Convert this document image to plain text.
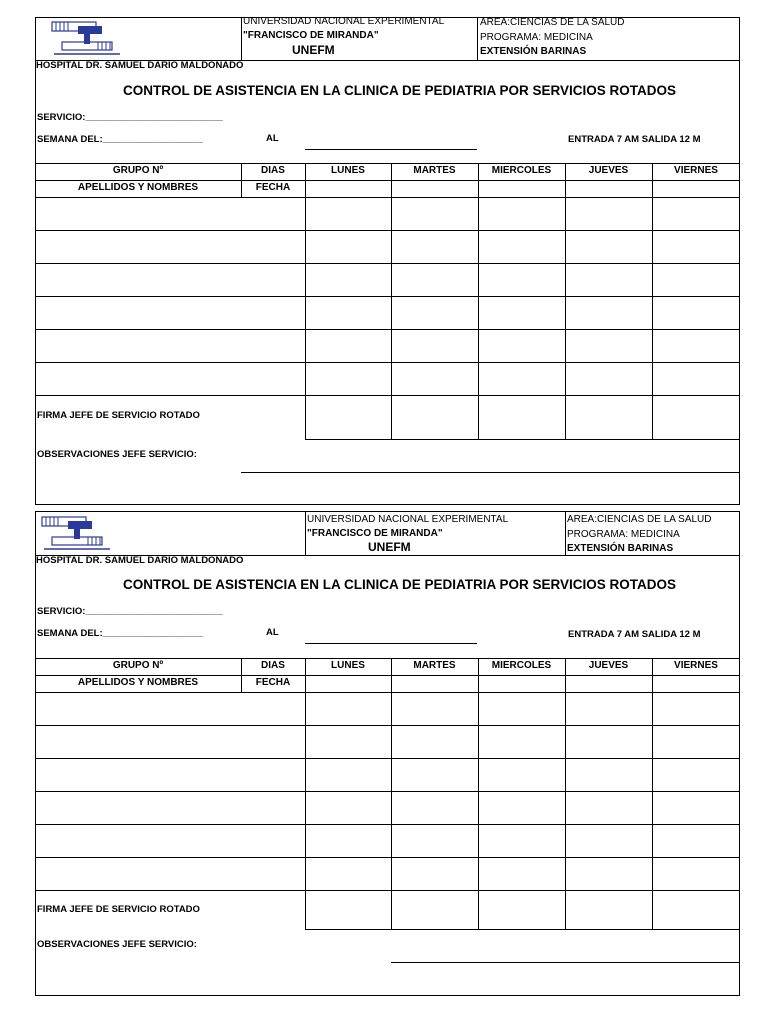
UNIVERSIDAD NACIONAL EXPERIMENTAL
"FRANCISCO DE MIRANDA"
UNEFM
AREA:CIENCIAS DE LA SALUD
PROGRAMA: MEDICINA
EXTENSIÓN BARINAS
HOSPITAL DR. SAMUEL DARIO MALDONADO
CONTROL DE ASISTENCIA EN LA CLINICA DE PEDIATRIA POR SERVICIOS ROTADOS
SERVICIO:__________________________
SEMANA DEL:___________________	AL	ENTRADA 7 AM SALIDA 12 M
GRUPO Nº	DIAS	LUNES	MARTES	MIERCOLES	JUEVES	VIERNES
APELLIDOS Y NOMBRES	FECHA
FIRMA JEFE DE SERVICIO ROTADO
OBSERVACIONES JEFE SERVICIO:
UNIVERSIDAD NACIONAL EXPERIMENTAL
"FRANCISCO DE MIRANDA"
UNEFM
AREA:CIENCIAS DE LA SALUD
PROGRAMA: MEDICINA
EXTENSIÓN BARINAS
HOSPITAL DR. SAMUEL DARIO MALDONADO
CONTROL DE ASISTENCIA EN LA CLINICA DE PEDIATRIA POR SERVICIOS ROTADOS
SERVICIO:__________________________
SEMANA DEL:___________________	AL	ENTRADA 7 AM SALIDA 12 M
GRUPO Nº	DIAS	LUNES	MARTES	MIERCOLES	JUEVES	VIERNES
APELLIDOS Y NOMBRES	FECHA
FIRMA JEFE DE SERVICIO ROTADO
OBSERVACIONES JEFE SERVICIO:
